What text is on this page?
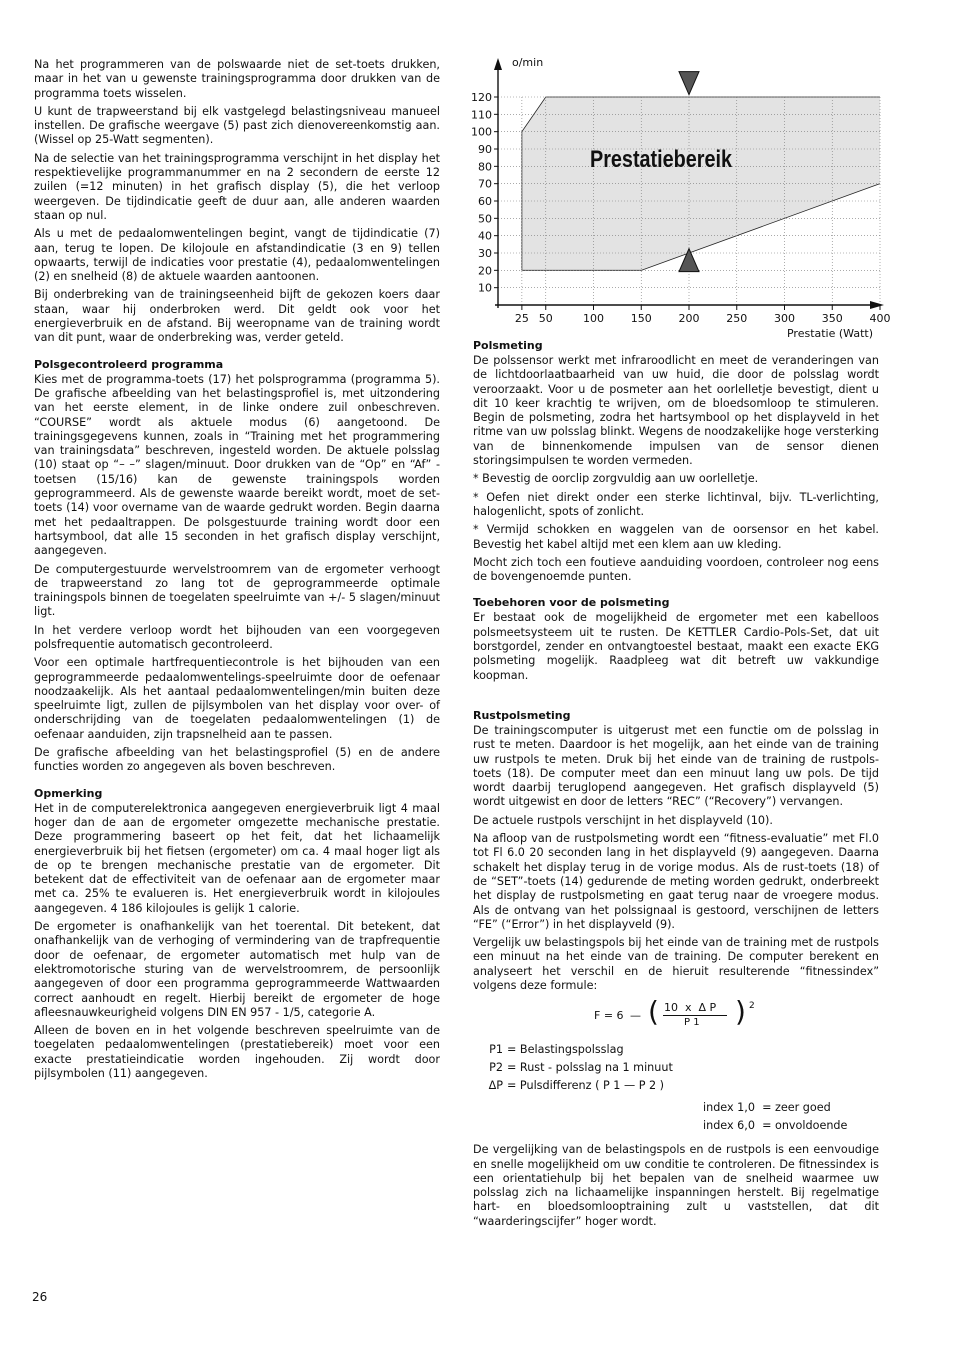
10
20
30
40
50
60
70
80
90
100
110
120
25 50	100 150 200 250 300 350 400
o/min
Prestatie (Watt)
Prestatiebereik

Na het programmeren van de polswaarde niet de set-toets drukken, maar in het van u gewenste trainingsprogramma door drukken van de programma toets wisselen.

U kunt de trapweerstand bij elk vastgelegd belastingsniveau manueel instellen. De grafische weergave (5) past zich dienovereenkomstig aan. (Wissel op 25-Watt segmenten).

Na de selectie van het trainingsprogramma verschijnt in het display het respektievelijke programmanummer en na 2 secondern de eerste 12 zuilen (=12 minuten) in het grafisch display (5), die het verloop weergeven. De tijdindicatie geeft de duur aan, alle anderen waarden staan op nul.

Als u met de pedaalomwentelingen begint, vangt de tijdindicatie (7) aan, terug te lopen. De kilojoule en afstandindicatie (3 en 9) tellen opwaarts, terwijl de indicaties voor prestatie (4), pedaalomwentelingen (2) en snelheid (8) de aktuele waarden aantoonen.

Bij onderbreking van de trainingseenheid bijft de gekozen koers daar staan, waar hij onderbroken werd. Dit geldt ook voor het energieverbruik en de afstand. Bij weeropname van de training wordt van dit punt, waar de onderbreking was, verder geteld.

Polsgecontroleerd programma

Kies met de programma-toets (17) het polsprogramma (programma 5). De grafische afbeelding van het belastingsprofiel is, met uitzondering van het eerste element, in de linke ondere zuil onbeschreven. “COURSE” wordt als aktuele modus (6) aangetoond. De trainingsgegevens kunnen, zoals in “Training met het programmering van trainingsdata” beschreven, ingesteld worden. De aktuele polsslag (10) staat op “– –” slagen/minuut. Door drukken van de “Op” en “Af” - toetsen (15/16) kan de gewenste trainingspols worden geprogrammeerd. Als de gewenste waarde bereikt wordt, moet de set-toets (14) voor overname van de waarde gedrukt worden. Begin daarna met het pedaaltrappen. De polsgestuurde training wordt door een hartsymbool, dat alle 15 seconden in het grafisch display verschijnt, aangegeven.

De computergestuurde wervelstroomrem van de ergometer verhoogt de trapweerstand zo lang tot de geprogrammeerde optimale trainingspols binnen de toegelaten speelruimte van +/- 5 slagen/minuut ligt.

In het verdere verloop wordt het bijhouden van een voorgegeven polsfrequentie automatisch gecontroleerd.

Voor een optimale hartfrequentiecontrole is het bijhouden van een geprogrammeerde pedaalomwentelings-speelruimte door de oefenaar noodzaakelijk. Als het aantaal pedaalomwentelingen/min buiten deze speelruimte ligt, zullen de pijlsymbolen van het display voor over- of onderschrijding van de toegelaten pedaalomwentelingen (1) de oefenaar aanduiden, zijn trapsnelheid aan te passen.

De grafische afbeelding van het belastingsprofiel (5) en de andere functies worden zo angegeven als boven beschreven.

Opmerking

Het in de computerelektronica aangegeven energieverbruik ligt 4 maal hoger dan de aan de ergometer omgezette mechanische prestatie. Deze programmering baseert op het feit, dat het lichaamelijk energieverbruik bij het fietsen (ergometer) om ca. 4 maal hoger ligt als de op te brengen mechanische prestatie van de ergometer. Dit betekent dat de effectiviteit van de oefenaar aan de ergometer maar met ca. 25% te evalueren is. Het energieverbruik wordt in kilojoules aangegeven. 4 186 kilojoules is gelijk 1 calorie.

De ergometer is onafhankelijk van het toerental. Dit betekent, dat onafhankelijk van de verhoging of vermindering van de trapfrequentie door de oefenaar, de ergometer automatisch met hulp van de elektromotorische sturing van de wervelstroomrem, de persoonlijk aangegeven of door een programma geprogrammeerde Wattwaarden correct aanhoudt en regelt. Hierbij bereikt de ergometer de hoge afleesnauwkeurigheid volgens DIN EN 957 - 1/5, categorie A.

Alleen de boven en in het volgende beschreven speelruimte van de toegelaten pedaalomwentelingen (prestatiebereik) moet voor een exacte prestatieindicatie worden ingehouden. Zij wordt door pijlsymbolen (11) aangegeven.

Polsmeting

De polssensor werkt met infraroodlicht en meet de veranderingen van de lichtdoorlaatbaarheid van uw huid, die door de polsslag wordt veroorzaakt. Voor u de posmeter aan het oorlelletje bevestigt, dient u dit 10 keer krachtig te wrijven, om de bloedsomloop te stimuleren. Begin de polsmeting, zodra het hartsymbool op het displayveld in het ritme van uw polsslag blinkt. Wegens de noodzakelijke hoge versterking van de binnenkomende impulsen van de sensor dienen storingsimpulsen te worden vermeden.

* Bevestig de oorclip zorgvuldig aan uw oorlelletje.

* Oefen niet direkt onder een sterke lichtinval, bijv. TL-verlichting, halogenlicht, spots of zonlicht.

* Vermijd schokken en waggelen van de oorsensor en het kabel. Bevestig het kabel altijd met een klem aan uw kleding.

Mocht zich toch een foutieve aanduiding voordoen, controleer nog eens de bovengenoemde punten.

Toebehoren voor de polsmeting

Er bestaat ook de mogelijkheid de ergometer met een kabelloos polsmeetsysteem uit te rusten. De KETTLER Cardio-Pols-Set, dat uit borstgordel, zender en ontvangtoestel bestaat, maakt een exacte EKG polsmeting mogelijk. Raadpleeg wat dit betreft uw vakkundige koopman.

Rustpolsmeting

De trainingscomputer is uitgerust met een functie om de polsslag in rust te meten. Daardoor is het mogelijk, aan het einde van de training uw rustpols te meten. Druk bij het einde van de training de rustpols-toets (18). De computer meet dan een minuut lang uw pols. De tijd wordt daarbij teruglopend aangegeven. Het grafisch displayveld (5) wordt uitgewist en door de letters “REC” (“Recovery”) vervangen.

De actuele rustpols verschijnt in het displayveld (10).

Na afloop van de rustpolsmeting wordt een “fitness-evaluatie” met Fl.0 tot Fl 6.0 20 seconden lang in het displayveld (9) aangegeven. Daarna schakelt het display terug in de vorige modus. Als de rust-toets (18) of de “SET”-toets (14) gedurende de meting worden gedrukt, onderbreekt het display de rustpolsmeting en gaat terug naar de vroegere modus. Als de ontvang van het polssignaal is gestoord, verschijnen de letters “FE” (“Error”) in het displayveld (9).

Vergelijk uw belastingspols bij het einde van de training met de rustpols een minuut na het einde van de training. De computer berekent en analyseert het verschil en de hieruit resulterende “fitnessindex” volgens deze formule:

F = 6 — ( 10  x  Δ P
P 1 ) 2
P1 = Belastingspolsslag
P2 = Rust - polsslag na 1 minuut
ΔP = Pulsdifferenz ( P 1 — P 2 )
index 1,0  = zeer goed
index 6,0  = onvoldoende

De vergelijking van de belastingspols en de rustpols is een eenvoudige en snelle mogelijkheid om uw conditie te controleren. De fitnessindex is een orientatiehulp bij het bepalen van de snelheid waarmee uw polsslag zich na lichaamelijke inspanningen herstelt. Bij regelmatige hart- en bloedsomlooptraining zult u vaststellen, dat dit “waarderingscijfer” hoger wordt.

26
